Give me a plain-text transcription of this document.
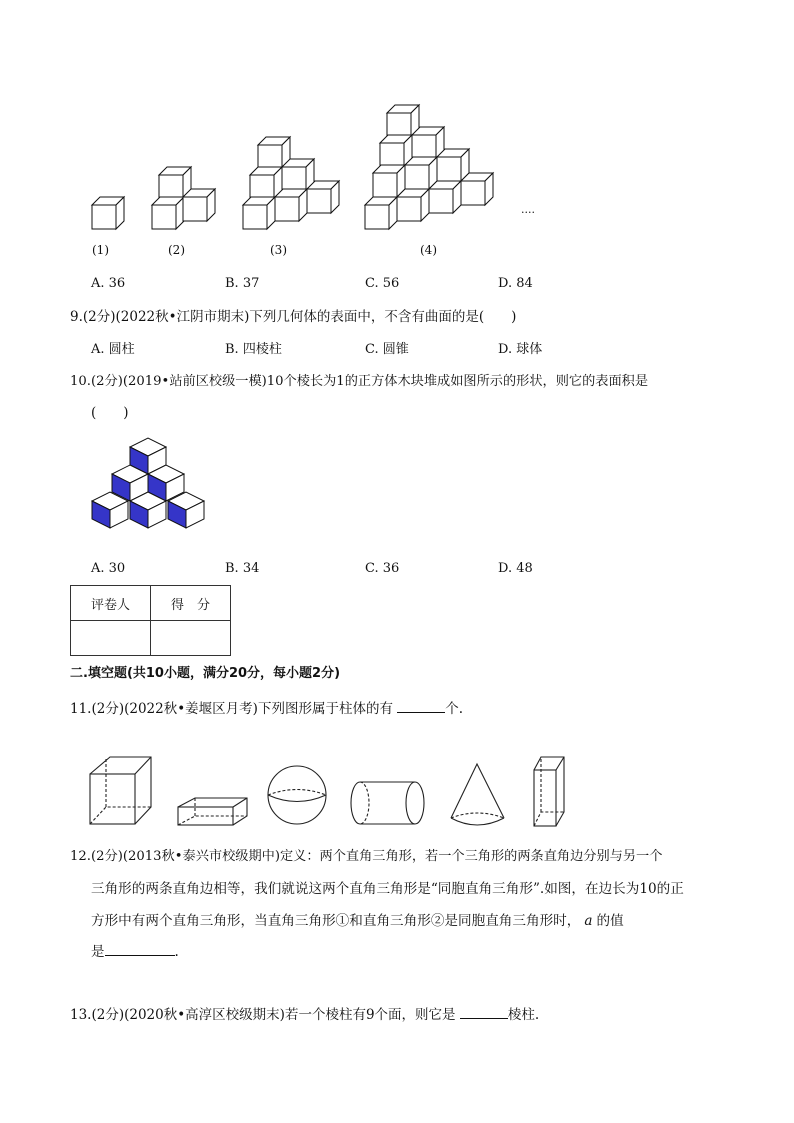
....
(1)	(2)	(3)	(4)
A. 36	B. 37	C. 56	D. 84
9.(2分)(2022秋•江阴市期末)下列几何体的表面中，不含有曲面的是(　　)
A. 圆柱	B. 四棱柱	C. 圆锥	D. 球体
10.(2分)(2019•站前区校级一模)10个棱长为1的正方体木块堆成如图所示的形状，则它的表面积是
(　　)
A. 30	B. 34	C. 36	D. 48
评卷人	得　分

二.填空题(共10小题，满分20分，每小题2分)
11.(2分)(2022秋•姜堰区月考)下列图形属于柱体的有	个.
12.(2分)(2013秋•泰兴市校级期中)定义：两个直角三角形，若一个三角形的两条直角边分别与另一个
三角形的两条直角边相等，我们就说这两个直角三角形是“同胞直角三角形”.如图，在边长为10的正
方形中有两个直角三角形，当直角三角形①和直角三角形②是同胞直角三角形时， a 的值
是	.
13.(2分)(2020秋•高淳区校级期末)若一个棱柱有9个面，则它是	棱柱.
